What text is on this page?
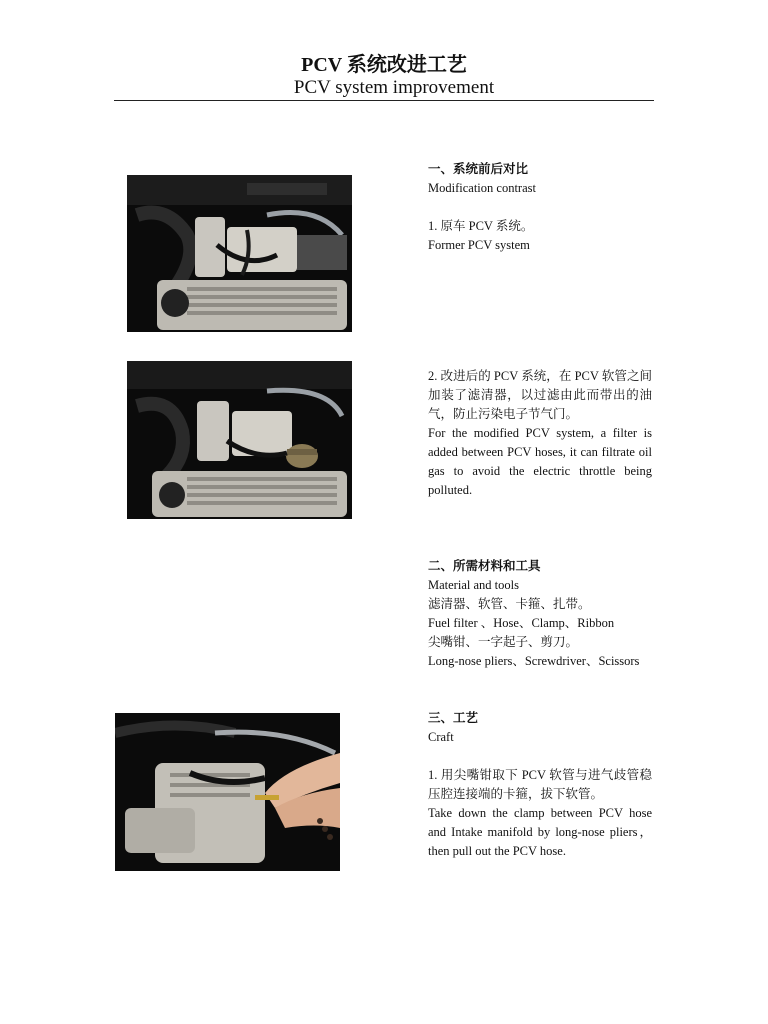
PCV 系统改进工艺
PCV system improvement

一、系统前后对比

Modification contrast

1. 原车 PCV 系统。

Former PCV system

2. 改进后的 PCV 系统，在 PCV 软管之间加装了滤清器，以过滤由此而带出的油气，防止污染电子节气门。

For the modified PCV system, a filter is added between PCV hoses, it can filtrate oil gas to avoid the electric throttle being polluted.

二、所需材料和工具

Material and tools

滤清器、软管、卡箍、扎带。

Fuel filter 、Hose、Clamp、Ribbon

尖嘴钳、一字起子、剪刀。

Long-nose pliers、Screwdriver、Scissors

三、工艺

Craft

1. 用尖嘴钳取下 PCV 软管与进气歧管稳压腔连接端的卡箍，拔下软管。

Take down the clamp between PCV hose and Intake manifold by long-nose pliers，then pull out the PCV hose.
